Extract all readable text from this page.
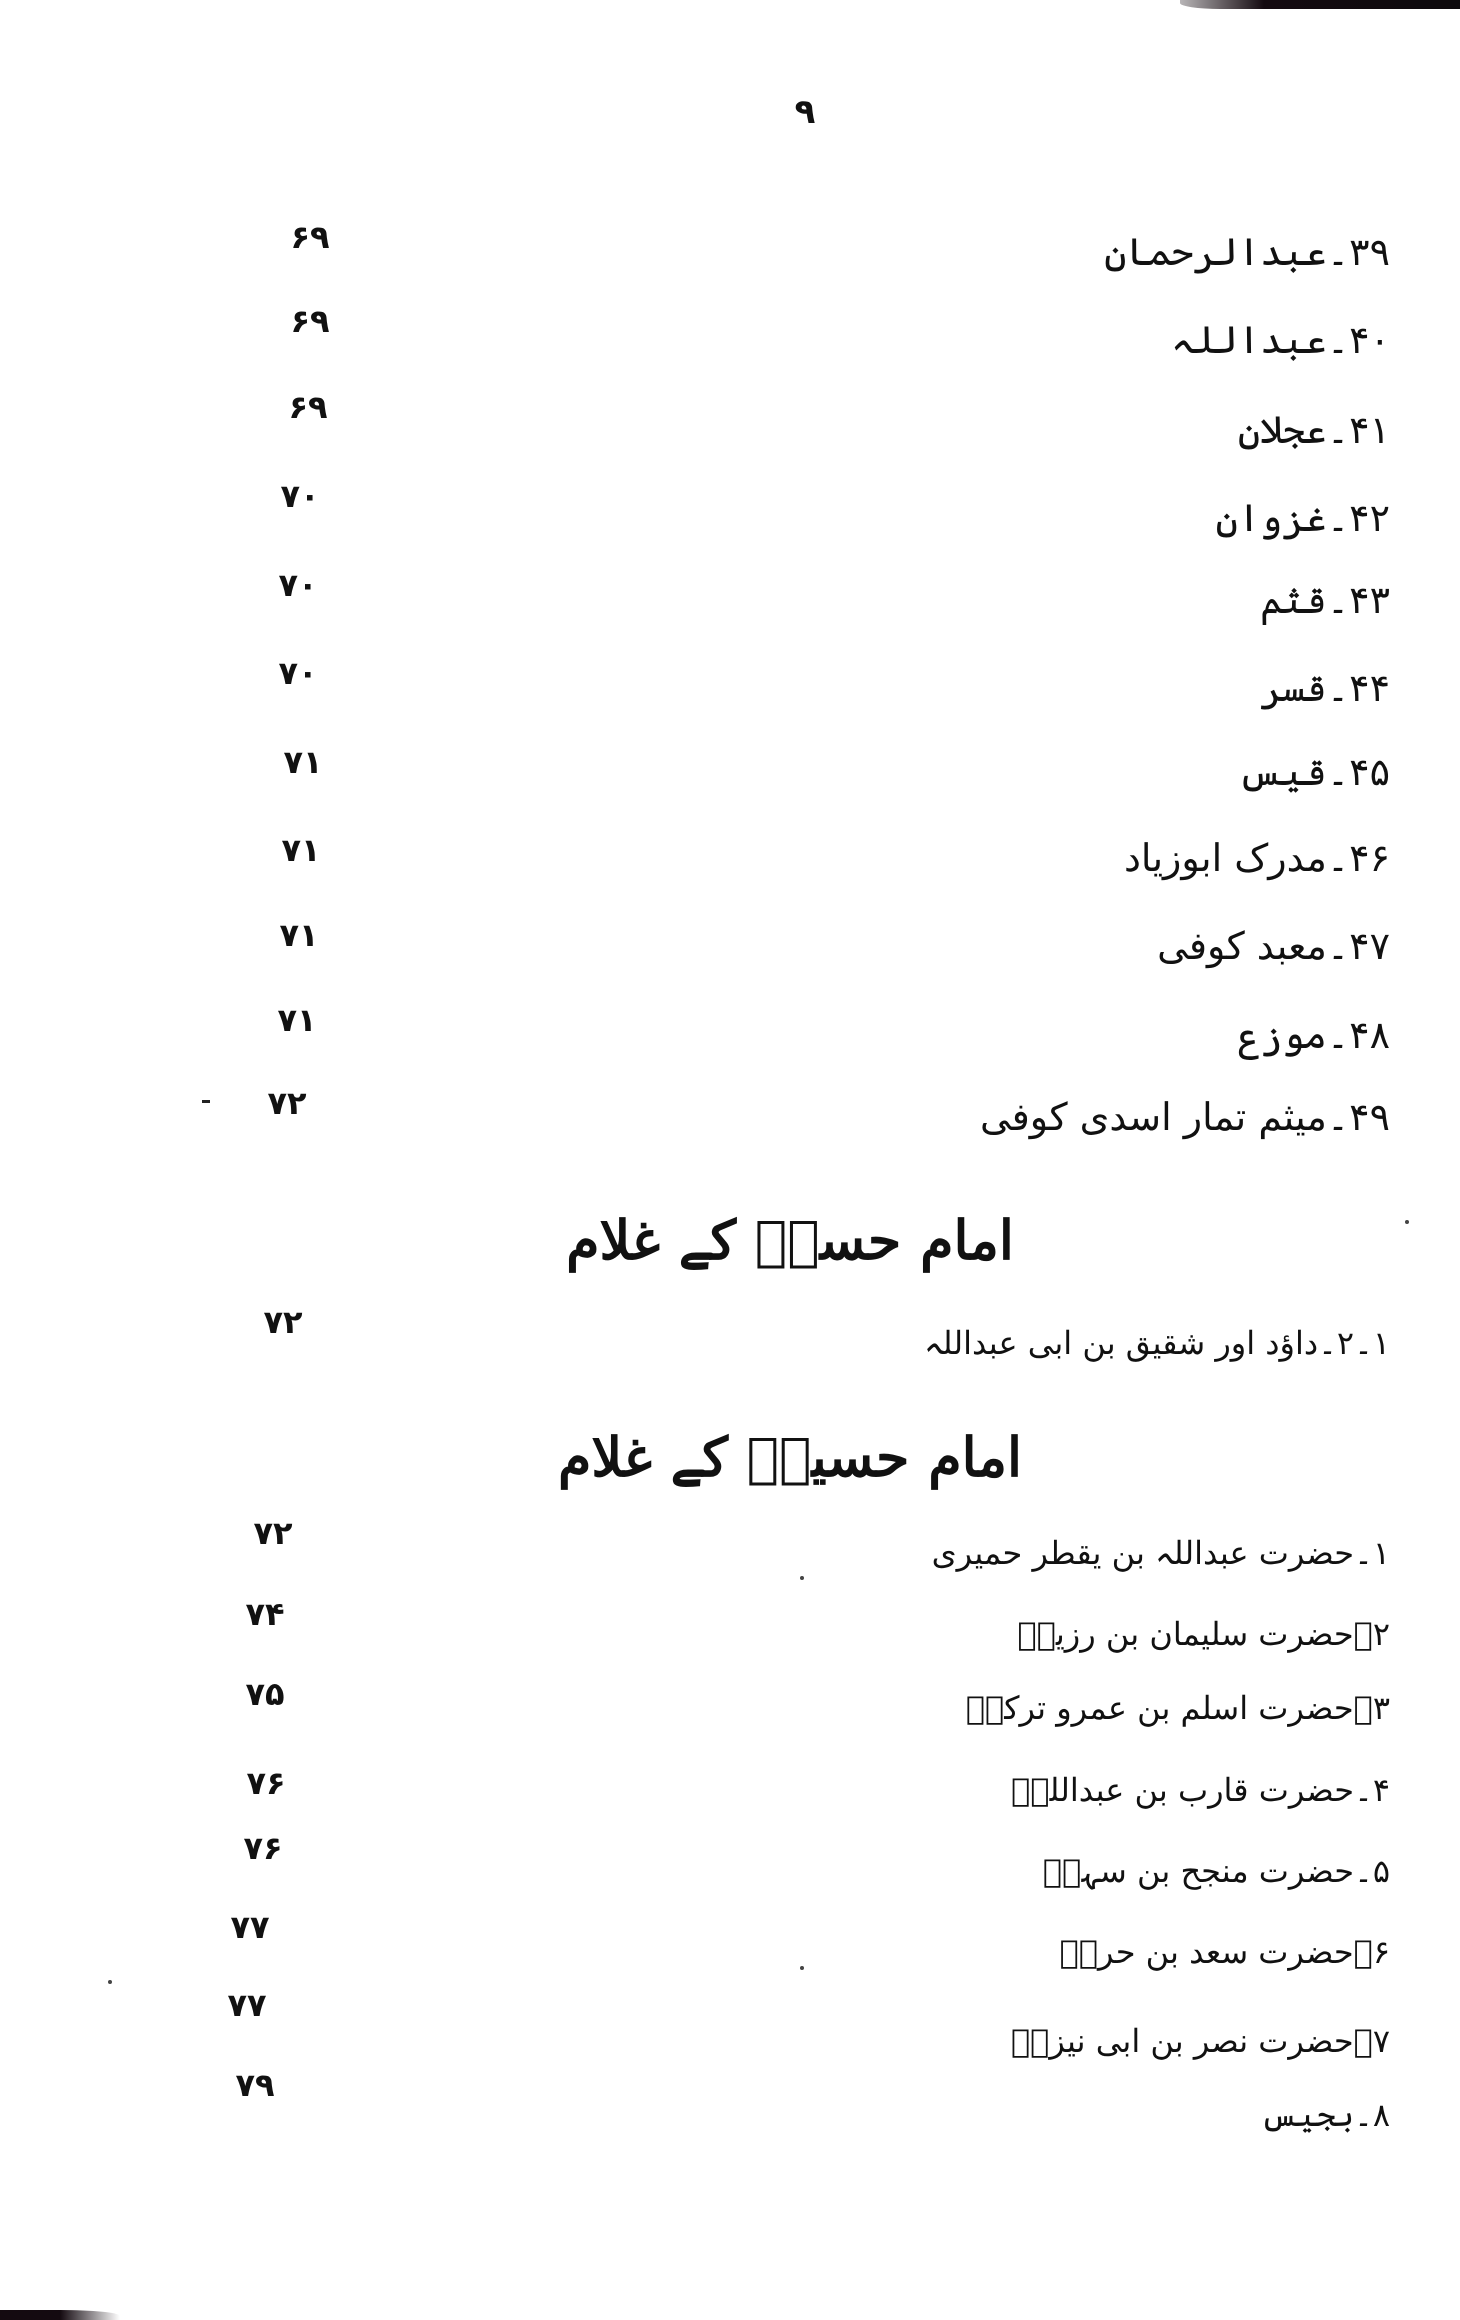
٩
۳۹۔عبدالرحمان
۶۹
۴۰۔عبداللہ
۶۹
۴۱۔عجلان
۶۹
۴۲۔غزوان
۷۰
۴۳۔قثم
۷۰
۴۴۔قسر
۷۰
۴۵۔قیس
۷۱
۴۶۔مدرک ابوزیاد
۷۱
۴۷۔معبد کوفی
۷۱
۴۸۔موزع
۷۱
۴۹۔میثم تمار اسدی کوفی
۷۲
امام حسنؑ کے غلام
۱۔۲۔داؤد اور شقیق بن ابی عبداللہ
۷۲
امام حسینؑ کے غلام
۱۔حضرت عبداللہ بن یقطر حمیری
۷۲
۲۔حضرت سلیمان بن رزینؑ
۷۴
۳۔حضرت اسلم بن عمرو ترکیؑ
۷۵
۴۔حضرت قارب بن عبداللہؑ
۷۶
۵۔حضرت منجح بن سہمؑ
۷۶
۶۔حضرت سعد بن حرثؑ
۷۷
۷۔حضرت نصر بن ابی نیزرؑ
۷۷
۸۔بجیس
۷۹
